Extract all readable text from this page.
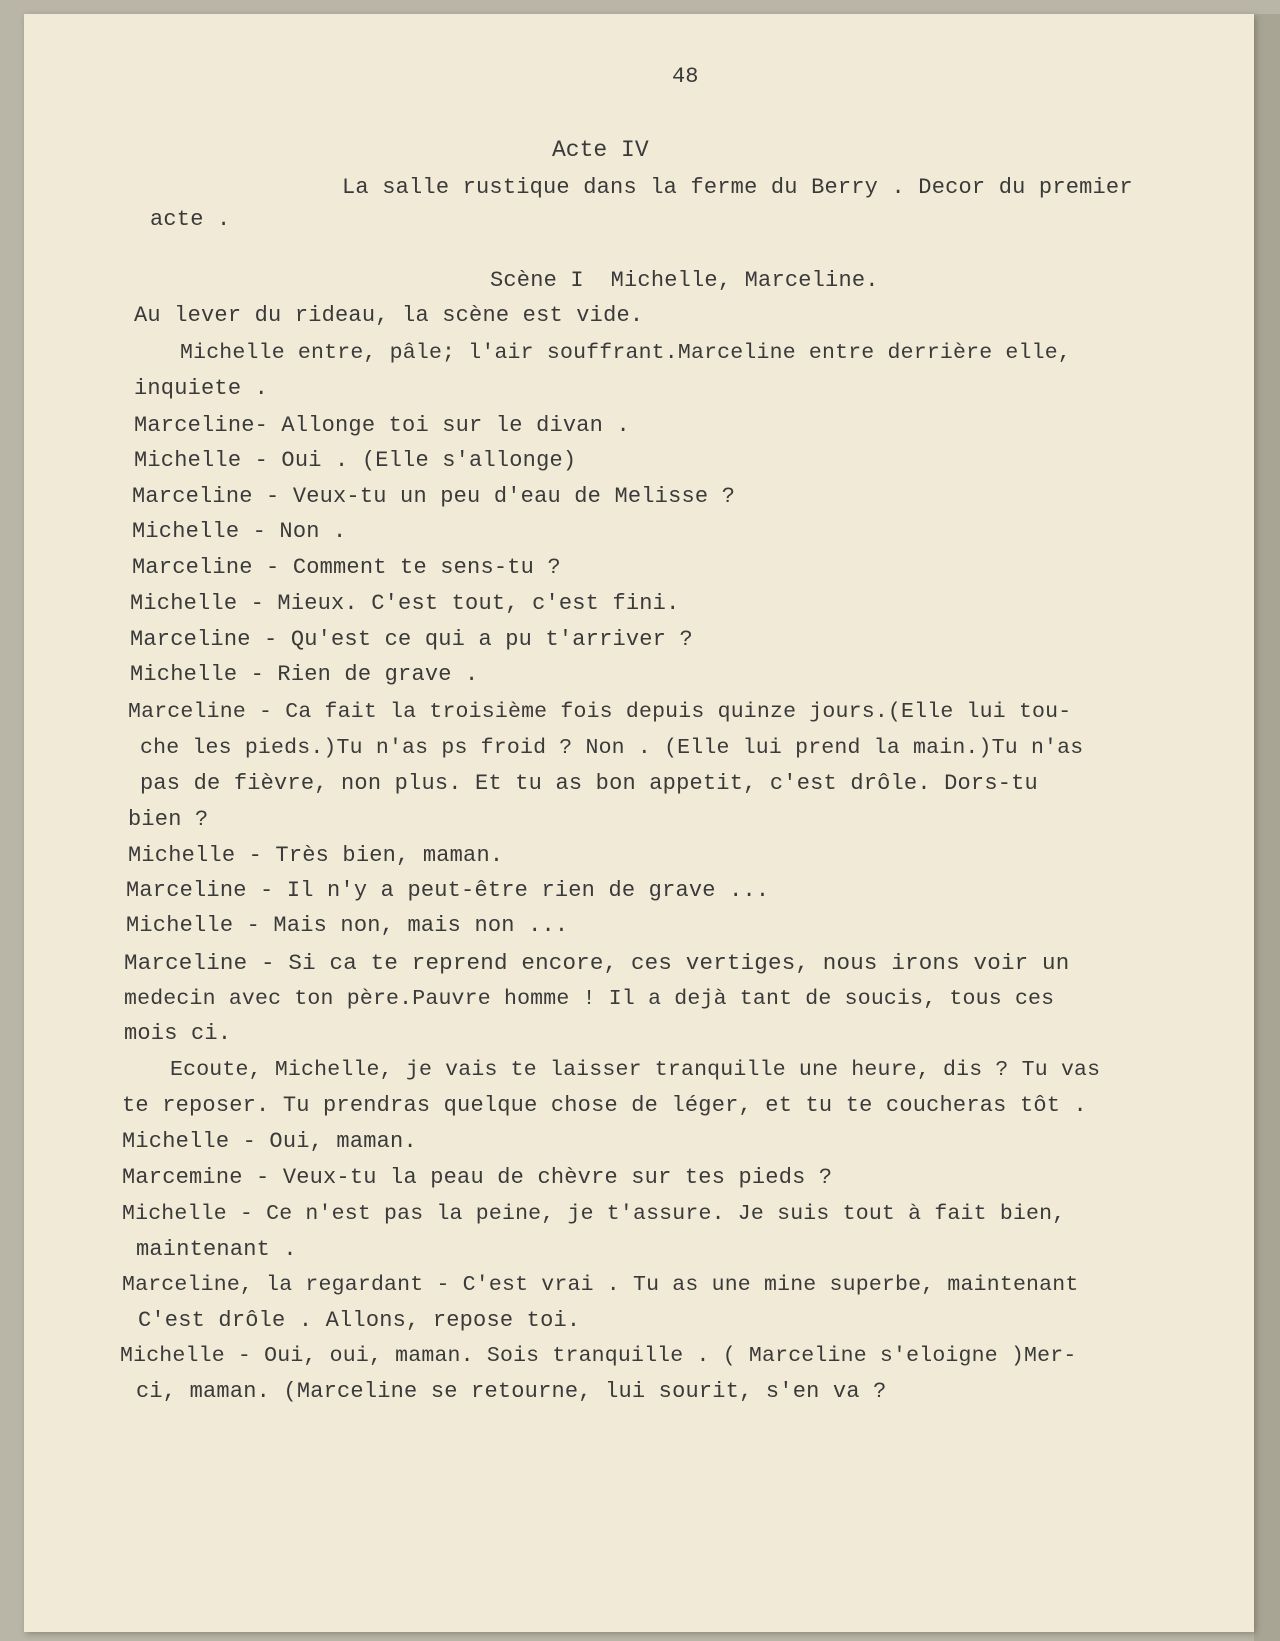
48
Acte IV
La salle rustique dans la ferme du Berry . Decor du premier
acte .
Scène I  Michelle, Marceline.
Au lever du rideau, la scène est vide.
Michelle entre, pâle; l'air souffrant.Marceline entre derrière elle,
inquiete .
Marceline- Allonge toi sur le divan .
Michelle - Oui . (Elle s'allonge)
Marceline - Veux-tu un peu d'eau de Melisse ?
Michelle - Non .
Marceline - Comment te sens-tu ?
Michelle - Mieux. C'est tout, c'est fini.
Marceline - Qu'est ce qui a pu t'arriver ?
Michelle - Rien de grave .
Marceline - Ca fait la troisième fois depuis quinze jours.(Elle lui tou-
che les pieds.)Tu n'as ps froid ? Non . (Elle lui prend la main.)Tu n'as
pas de fièvre, non plus. Et tu as bon appetit, c'est drôle. Dors-tu
bien ?
Michelle - Très bien, maman.
Marceline - Il n'y a peut-être rien de grave ...
Michelle - Mais non, mais non ...
Marceline - Si ca te reprend encore, ces vertiges, nous irons voir un
medecin avec ton père.Pauvre homme ! Il a dejà tant de soucis, tous ces
mois ci.
Ecoute, Michelle, je vais te laisser tranquille une heure, dis ? Tu vas
te reposer. Tu prendras quelque chose de léger, et tu te coucheras tôt .
Michelle - Oui, maman.
Marcemine - Veux-tu la peau de chèvre sur tes pieds ?
Michelle - Ce n'est pas la peine, je t'assure. Je suis tout à fait bien,
maintenant .
Marceline, la regardant - C'est vrai . Tu as une mine superbe, maintenant
C'est drôle . Allons, repose toi.
Michelle - Oui, oui, maman. Sois tranquille . ( Marceline s'eloigne )Mer-
ci, maman. (Marceline se retourne, lui sourit, s'en va ?
